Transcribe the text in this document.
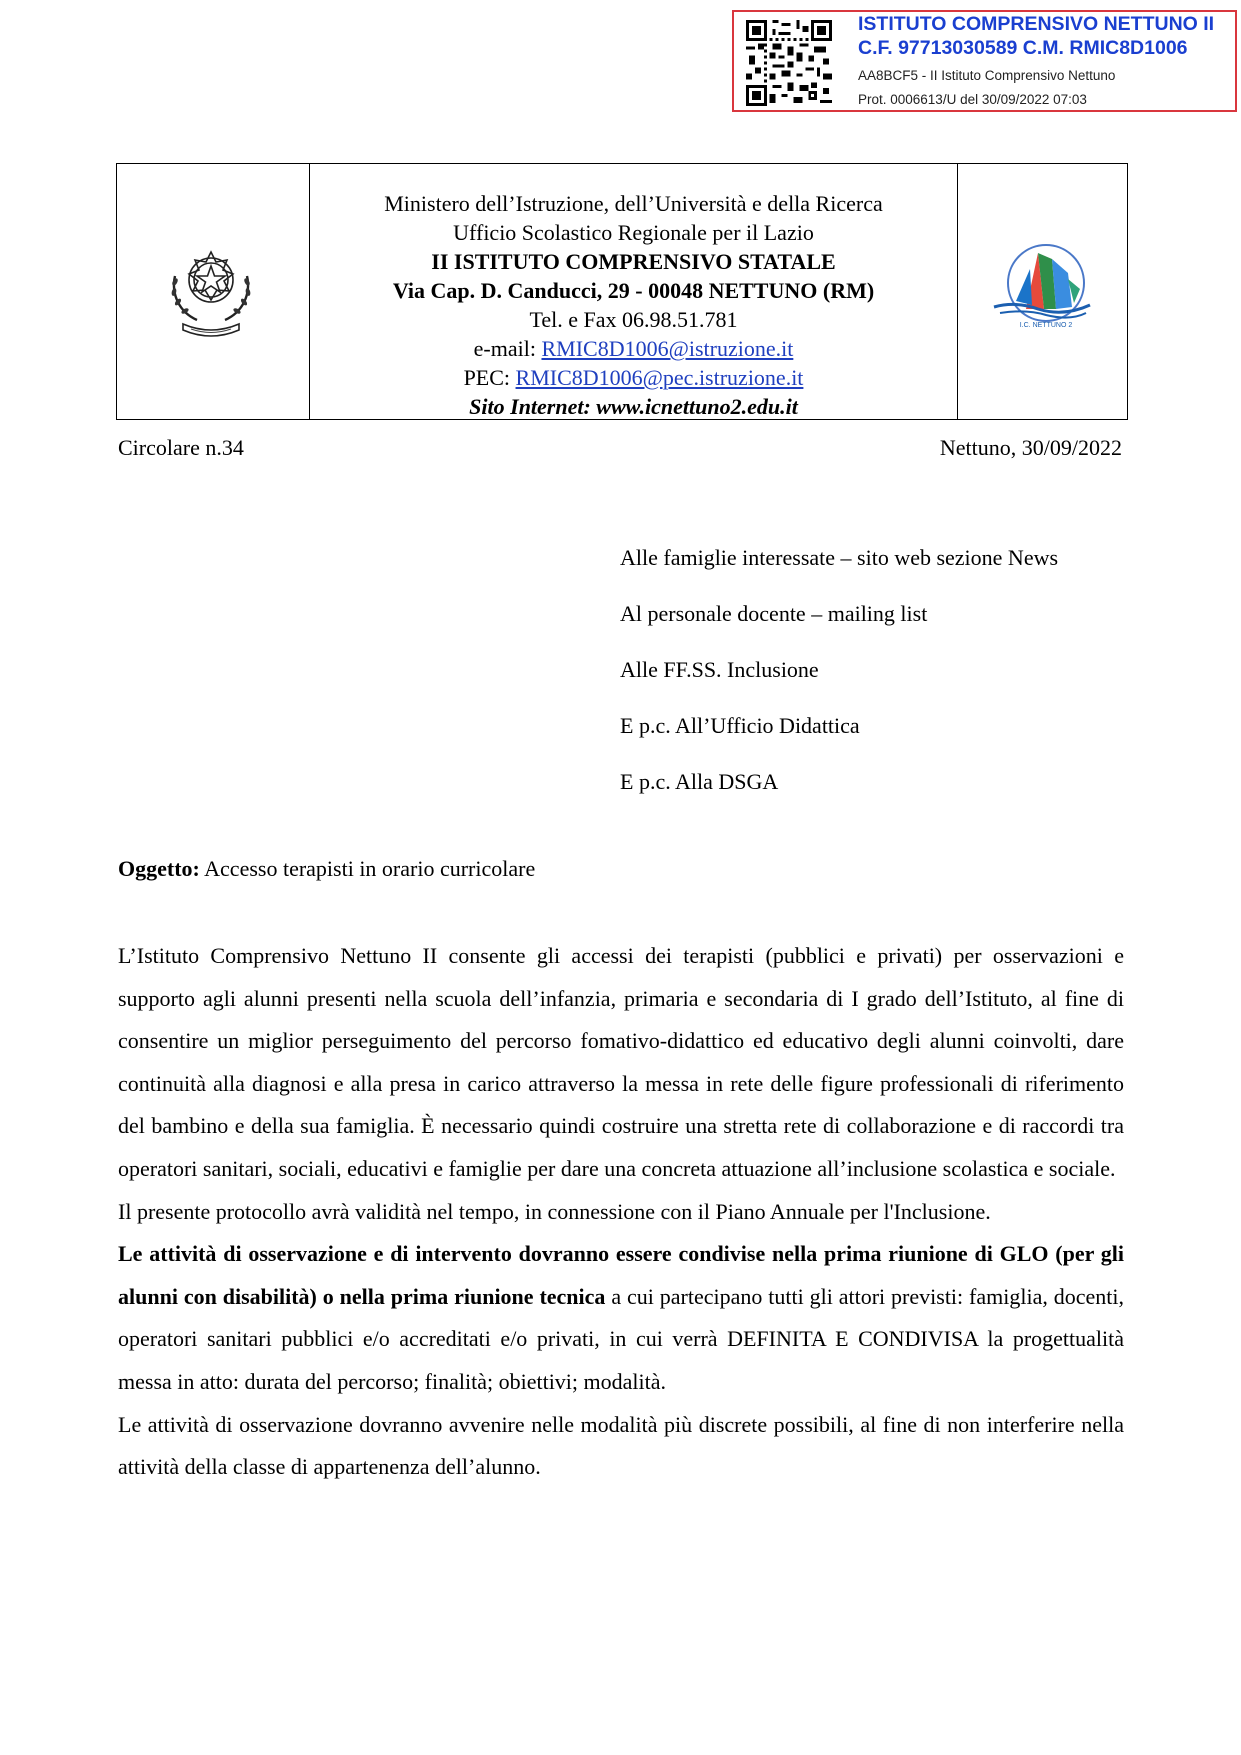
ISTITUTO COMPRENSIVO NETTUNO II
C.F. 97713030589 C.M. RMIC8D1006
AA8BCF5 - II Istituto Comprensivo Nettuno
Prot. 0006613/U del 30/09/2022 07:03
Ministero dell’Istruzione, dell’Università e della Ricerca
Ufficio Scolastico Regionale per il Lazio
II ISTITUTO COMPRENSIVO STATALE
Via Cap. D. Canducci, 29 - 00048 NETTUNO (RM)
Tel. e Fax 06.98.51.781
e-mail: RMIC8D1006@istruzione.it
PEC: RMIC8D1006@pec.istruzione.it
Sito Internet: www.icnettuno2.edu.it
I.C. NETTUNO 2
Circolare n.34	Nettuno, 30/09/2022
Alle famiglie interessate – sito web sezione News
Al personale docente – mailing list
Alle FF.SS. Inclusione
E p.c. All’Ufficio Didattica
E p.c. Alla DSGA
Oggetto: Accesso terapisti in orario curricolare

L’Istituto Comprensivo Nettuno II consente gli accessi dei terapisti (pubblici e privati) per osservazioni e supporto agli alunni presenti nella scuola dell’infanzia, primaria e secondaria di I grado dell’Istituto, al fine di consentire un miglior perseguimento del percorso fomativo-didattico ed educativo degli alunni coinvolti, dare continuità alla diagnosi e alla presa in carico attraverso la messa in rete delle figure professionali di riferimento del bambino e della sua famiglia. È necessario quindi costruire una stretta rete di collaborazione e di raccordi tra operatori sanitari, sociali, educativi e famiglie per dare una concreta attuazione all’inclusione scolastica e sociale.

Il presente protocollo avrà validità nel tempo, in connessione con il Piano Annuale per l'Inclusione.

Le attività di osservazione e di intervento dovranno essere condivise nella prima riunione di GLO (per gli alunni con disabilità) o nella prima riunione tecnica a cui partecipano tutti gli attori previsti: famiglia, docenti, operatori sanitari pubblici e/o accreditati e/o privati, in cui verrà DEFINITA E CONDIVISA la progettualità messa in atto: durata del percorso; finalità; obiettivi; modalità.

Le attività di osservazione dovranno avvenire nelle modalità più discrete possibili, al fine di non interferire nella attività della classe di appartenenza dell’alunno.
